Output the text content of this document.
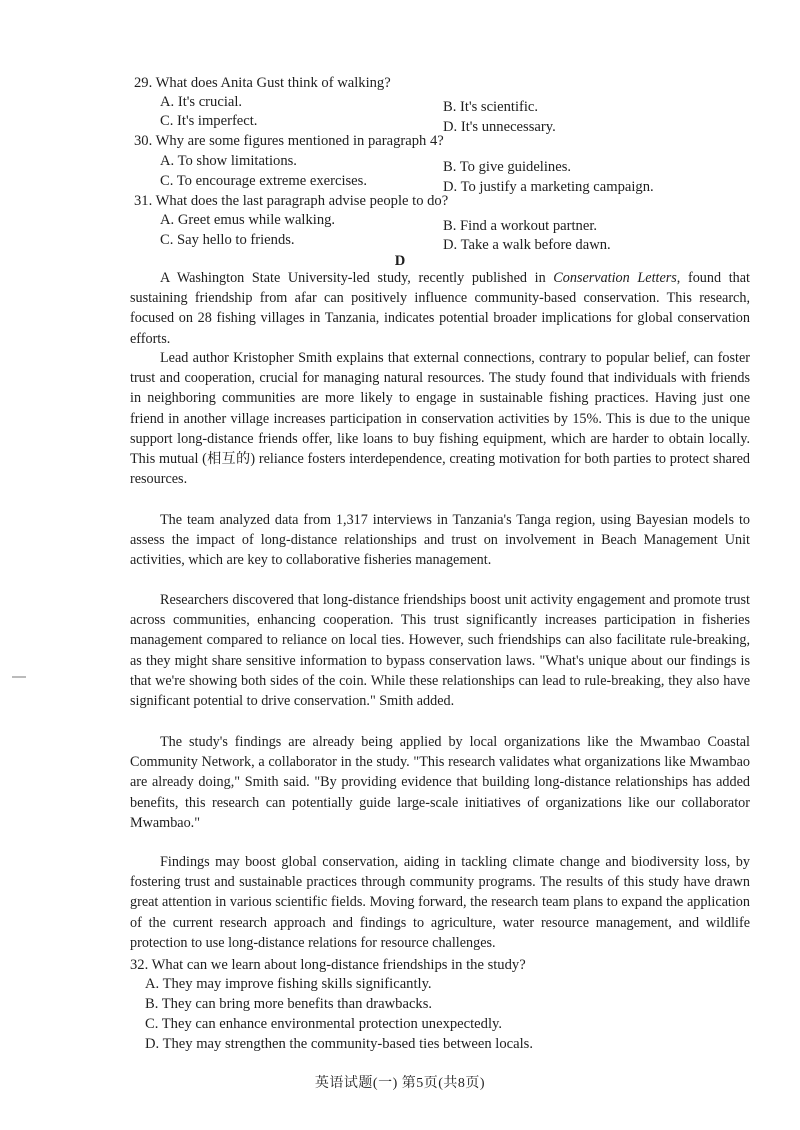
29. What does Anita Gust think of walking?
A. It's crucial.	B. It's scientific.
C. It's imperfect.	D. It's unnecessary.
30. Why are some figures mentioned in paragraph 4?
A. To show limitations.	B. To give guidelines.
C. To encourage extreme exercises.	D. To justify a marketing campaign.
31. What does the last paragraph advise people to do?
A. Greet emus while walking.	B. Find a workout partner.
C. Say hello to friends.	D. Take a walk before dawn.
D

A Washington State University-led study, recently published in Conservation Letters, found that sustaining friendship from afar can positively influence community-based conservation. This research, focused on 28 fishing villages in Tanzania, indicates potential broader implications for global conservation efforts.

Lead author Kristopher Smith explains that external connections, contrary to popular belief, can foster trust and cooperation, crucial for managing natural resources. The study found that individuals with friends in neighboring communities are more likely to engage in sustainable fishing practices. Having just one friend in another village increases participation in conservation activities by 15%. This is due to the unique support long-distance friends offer, like loans to buy fishing equipment, which are harder to obtain locally. This mutual (相互的) reliance fosters interdependence, creating motivation for both parties to protect shared resources.

The team analyzed data from 1,317 interviews in Tanzania's Tanga region, using Bayesian models to assess the impact of long-distance relationships and trust on involvement in Beach Management Unit activities, which are key to collaborative fisheries management.

Researchers discovered that long-distance friendships boost unit activity engagement and promote trust across communities, enhancing cooperation. This trust significantly increases participation in fisheries management compared to reliance on local ties. However, such friendships can also facilitate rule-breaking, as they might share sensitive information to bypass conservation laws. "What's unique about our findings is that we're showing both sides of the coin. While these relationships can lead to rule-breaking, they also have significant potential to drive conservation." Smith added.

The study's findings are already being applied by local organizations like the Mwambao Coastal Community Network, a collaborator in the study. "This research validates what organizations like Mwambao are already doing," Smith said. "By providing evidence that building long-distance relationships has added benefits, this research can potentially guide large-scale initiatives of organizations like our collaborator Mwambao."

Findings may boost global conservation, aiding in tackling climate change and biodiversity loss, by fostering trust and sustainable practices through community programs. The results of this study have drawn great attention in various scientific fields. Moving forward, the research team plans to expand the application of the current research approach and findings to agriculture, water resource management, and wildlife protection to use long-distance relations for resource challenges.

32. What can we learn about long-distance friendships in the study?
A. They may improve fishing skills significantly.
B. They can bring more benefits than drawbacks.
C. They can enhance environmental protection unexpectedly.
D. They may strengthen the community-based ties between locals.
英语试题(一) 第5页(共8页)
